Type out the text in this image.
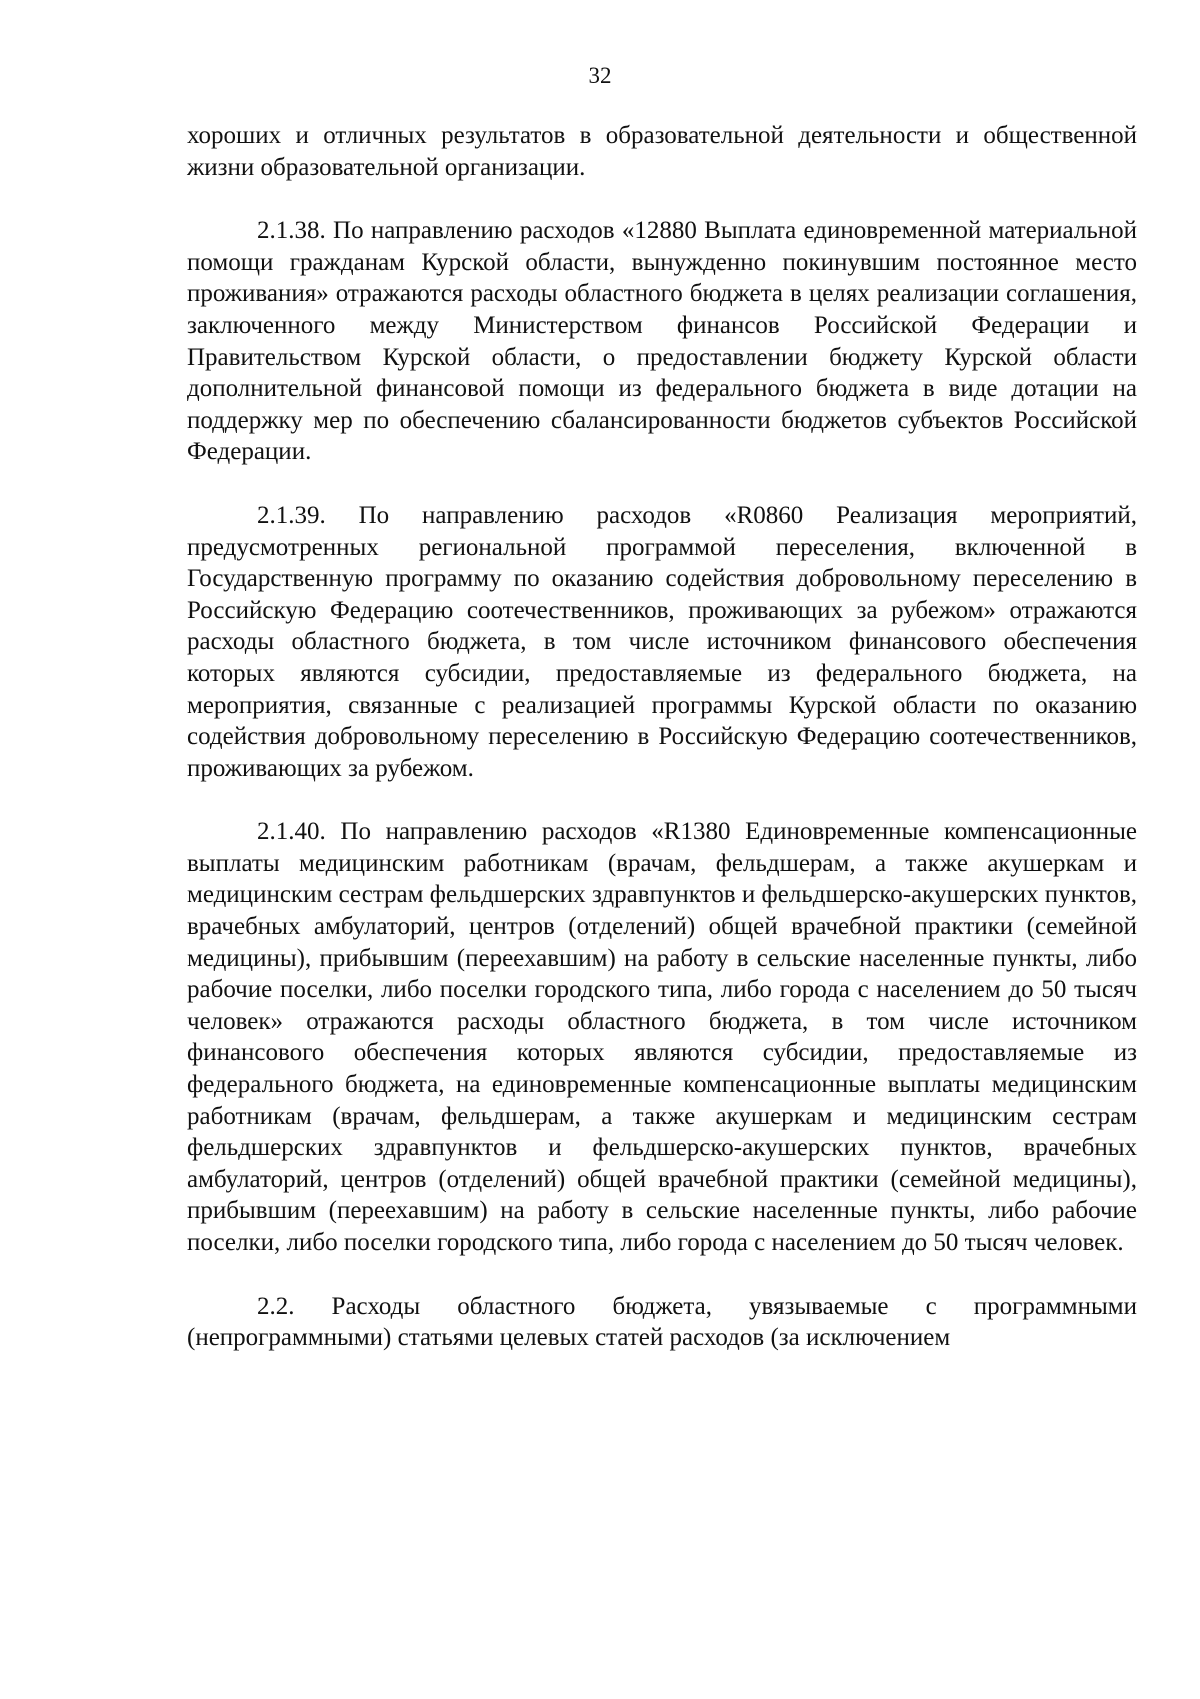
32

хороших и отличных результатов в образовательной деятельности и общественной жизни образовательной организации.

2.1.38. По направлению расходов «12880 Выплата единовременной материальной помощи гражданам Курской области, вынужденно покинувшим постоянное место проживания» отражаются расходы областного бюджета в целях реализации соглашения, заключенного между Министерством финансов Российской Федерации и Правительством Курской области, о предоставлении бюджету Курской области дополнительной финансовой помощи из федерального бюджета в виде дотации на поддержку мер по обеспечению сбалансированности бюджетов субъектов Российской Федерации.

2.1.39. По направлению расходов «R0860 Реализация мероприятий, предусмотренных региональной программой переселения, включенной в Государственную программу по оказанию содействия добровольному переселению в Российскую Федерацию соотечественников, проживающих за рубежом» отражаются расходы областного бюджета, в том числе источником финансового обеспечения которых являются субсидии, предоставляемые из федерального бюджета, на мероприятия, связанные с реализацией программы Курской области по оказанию содействия добровольному переселению в Российскую Федерацию соотечественников, проживающих за рубежом.

2.1.40. По направлению расходов «R1380 Единовременные компенсационные выплаты медицинским работникам (врачам, фельдшерам, а также акушеркам и медицинским сестрам фельдшерских здравпунктов и фельдшерско-акушерских пунктов, врачебных амбулаторий, центров (отделений) общей врачебной практики (семейной медицины), прибывшим (переехавшим) на работу в сельские населенные пункты, либо рабочие поселки, либо поселки городского типа, либо города с населением до 50 тысяч человек» отражаются расходы областного бюджета, в том числе источником финансового обеспечения которых являются субсидии, предоставляемые из федерального бюджета, на единовременные компенсационные выплаты медицинским работникам (врачам, фельдшерам, а также акушеркам и медицинским сестрам фельдшерских здравпунктов и фельдшерско-акушерских пунктов, врачебных амбулаторий, центров (отделений) общей врачебной практики (семейной медицины), прибывшим (переехавшим) на работу в сельские населенные пункты, либо рабочие поселки, либо поселки городского типа, либо города с населением до 50 тысяч человек.

2.2. Расходы областного бюджета, увязываемые с программными (непрограммными) статьями целевых статей расходов (за исключением
